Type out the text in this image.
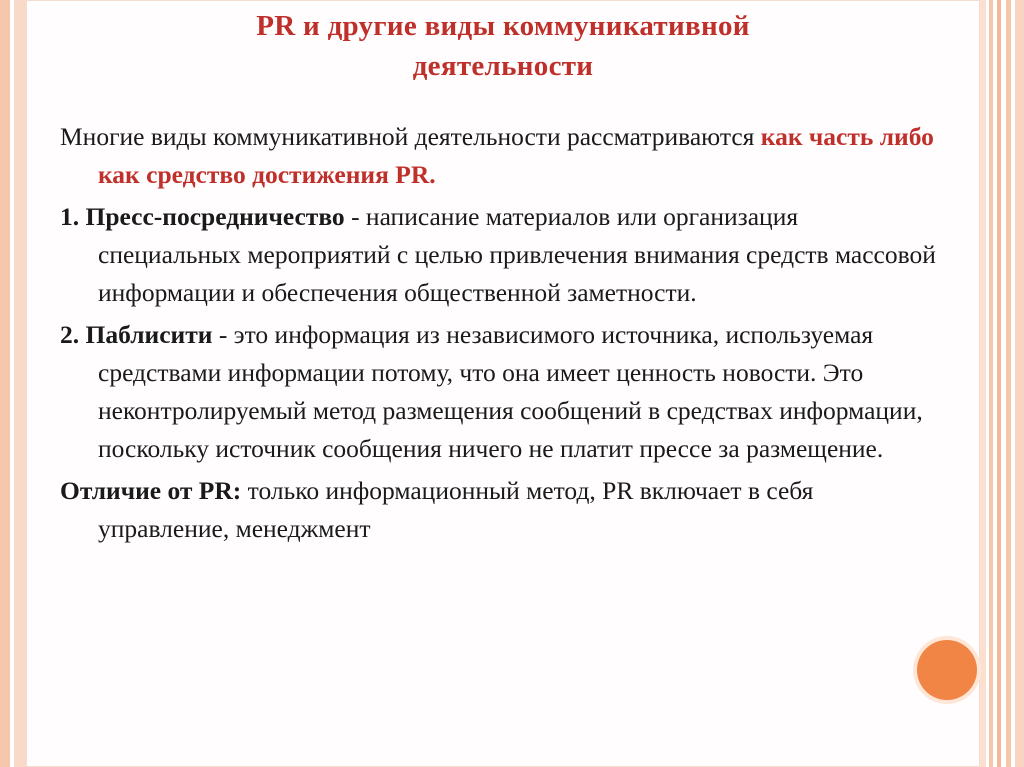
PR и другие виды коммуникативной
деятельности

Многие виды коммуникативной деятельности рассматриваются как часть либо как средство достижения PR.

1. Пресс-посредничество - написание материалов или организация специальных мероприятий с целью привлечения внимания средств массовой информации и обеспечения общественной заметности.

2. Паблисити - это информация из независимого источника, используемая средствами информации потому, что она имеет ценность новости. Это неконтролируемый метод размещения сообщений в средствах информации, поскольку источник сообщения ничего не платит прессе за размещение.

Отличие от PR: только информационный метод, PR включает в себя управление, менеджмент
